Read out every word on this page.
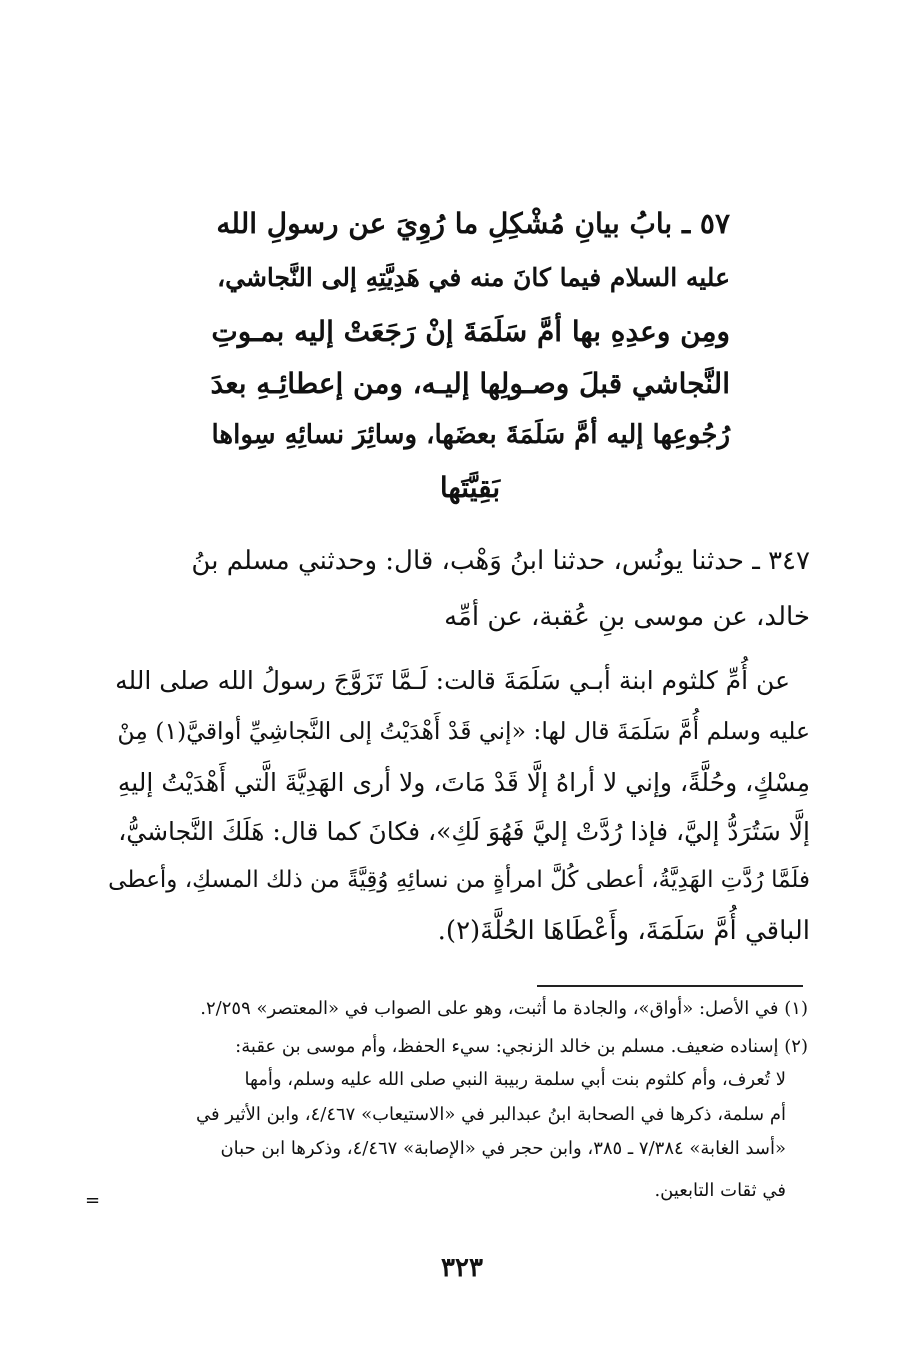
٥٧ ـ بابُ بيانِ مُشْكِلِ ما رُوِيَ عن رسولِ الله
عليه السلام فيما كانَ منه في هَدِيَّتِهِ إلى النَّجاشي،
ومِن وعدِهِ بها أمَّ سَلَمَةَ إنْ رَجَعَتْ إليه بمـوتِ
النَّجاشي قبلَ وصـولِها إليـه، ومن إعطائِـهِ بعدَ
رُجُوعِها إليه أمَّ سَلَمَةَ بعضَها، وسائِرَ نسائِهِ سِواها
بَقِيَّتَها
٣٤٧ ـ حدثنا يونُس، حدثنا ابنُ وَهْب، قال: وحدثني مسلم بنُ
خالد، عن موسى بنِ عُقبة، عن أمِّه
عن أُمِّ كلثوم ابنة أبـي سَلَمَةَ قالت: لَـمَّا تَزَوَّجَ رسولُ الله صلى الله
عليه وسلم أُمَّ سَلَمَةَ قال لها: «إني قَدْ أَهْدَيْتُ إلى النَّجاشِيِّ أواقيَّ(١) مِنْ
مِسْكٍ، وحُلَّةً، وإني لا أراهُ إلَّا قَدْ مَاتَ، ولا أرى الهَدِيَّةَ الَّتي أَهْدَيْتُ إليهِ
إلَّا سَتُرَدُّ إليَّ، فإذا رُدَّتْ إليَّ فَهُوَ لَكِ»، فكانَ كما قال: هَلَكَ النَّجاشيُّ،
فلَمَّا رُدَّتِ الهَدِيَّةُ، أعطى كُلَّ امرأةٍ من نسائِهِ وُقِيَّةً من ذلك المسكِ، وأعطى
الباقي أُمَّ سَلَمَةَ، وأَعْطَاهَا الحُلَّةَ(٢).
(١) في الأصل: «أواق»، والجادة ما أثبت، وهو على الصواب في «المعتصر» ٢/٢٥٩.
(٢) إسناده ضعيف. مسلم بن خالد الزنجي: سيء الحفظ، وأم موسى بن عقبة:
لا تُعرف، وأم كلثوم بنت أبي سلمة ربيبة النبي صلى الله عليه وسلم، وأمها
أم سلمة، ذكرها في الصحابة ابنُ عبدالبر في «الاستيعاب» ٤/٤٦٧، وابن الأثير في
«أسد الغابة» ٧/٣٨٤ ـ ٣٨٥، وابن حجر في «الإصابة» ٤/٤٦٧، وذكرها ابن حبان
في ثقات التابعين.
=
٣٢٣
